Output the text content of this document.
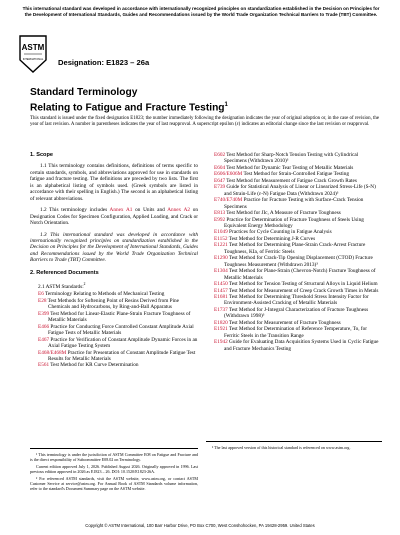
This international standard was developed in accordance with internationally recognized principles on standardization established in the Decision on Principles for the Development of International Standards, Guides and Recommendations issued by the World Trade Organization Technical Barriers to Trade (TBT) Committee.
ASTM
INTERNATIONAL Designation: E1823 – 26a
Standard Terminology
Relating to Fatigue and Fracture Testing$^1$
This standard is issued under the fixed designation E1823; the number immediately following the designation indicates the year of original adoption or, in the case of revision, the year of last revision. A number in parentheses indicates the year of last reapproval. A superscript epsilon (ε) indicates an editorial change since the last revision or reapproval.
1. Scope

1.1 This terminology contains definitions, definitions of terms specific to certain standards, symbols, and abbreviations approved for use in standards on fatigue and fracture testing. The definitions are preceded by two lists. The first is an alphabetical listing of symbols used. (Greek symbols are listed in accordance with their spelling in English.) The second is an alphabetical listing of relevant abbreviations.

1.2 This terminology includes Annex A1 on Units and Annex A2 on Designation Codes for Specimen Configuration, Applied Loading, and Crack or Notch Orientation.

1.3 This international standard was developed in accordance with internationally recognized principles on standardization established in the Decision on Principles for the Development of International Standards, Guides and Recommendations issued by the World Trade Organization Technical Barriers to Trade (TBT) Committee.

2. Referenced Documents
2.1 ASTM Standards:$^2$

E6 Terminology Relating to Methods of Mechanical Testing

E28 Test Methods for Softening Point of Resins Derived from Pine Chemicals and Hydrocarbons, by Ring-and-Ball Apparatus

E399 Test Method for Linear-Elastic Plane-Strain Fracture Toughness of Metallic Materials

E466 Practice for Conducting Force Controlled Constant Amplitude Axial Fatigue Tests of Metallic Materials

E467 Practice for Verification of Constant Amplitude Dynamic Forces in an Axial Fatigue Testing System

E468/E468M Practice for Presentation of Constant Amplitude Fatigue Test Results for Metallic Materials

E561 Test Method for KR Curve Determination

E602 Test Method for Sharp-Notch Tension Testing with Cylindrical Specimens (Withdrawn 2010)³

E604 Test Method for Dynamic Tear Testing of Metallic Materials

E606/E606M Test Method for Strain-Controlled Fatigue Testing

E647 Test Method for Measurement of Fatigue Crack Growth Rates

E739 Guide for Statistical Analysis of Linear or Linearized Stress-Life (S-N) and Strain-Life (ε-N) Fatigue Data (Withdrawn 2024)³

E740/E740M Practice for Fracture Testing with Surface-Crack Tension Specimens

E813 Test Method for JIc, A Measure of Fracture Toughness

E992 Practice for Determination of Fracture Toughness of Steels Using Equivalent Energy Methodology

E1049 Practices for Cycle Counting in Fatigue Analysis

E1152 Test Method for Determining J-R Curves

E1221 Test Method for Determining Plane-Strain Crack-Arrest Fracture Toughness, KIa, of Ferritic Steels

E1290 Test Method for Crack-Tip Opening Displacement (CTOD) Fracture Toughness Measurement (Withdrawn 2013)³

E1304 Test Method for Plane-Strain (Chevron-Notch) Fracture Toughness of Metallic Materials

E1450 Test Method for Tension Testing of Structural Alloys in Liquid Helium

E1457 Test Method for Measurement of Creep Crack Growth Times in Metals

E1681 Test Method for Determining Threshold Stress Intensity Factor for Environment-Assisted Cracking of Metallic Materials

E1737 Test Method for J-Integral Characterization of Fracture Toughness (Withdrawn 1998)³

E1820 Test Method for Measurement of Fracture Toughness

E1921 Test Method for Determination of Reference Temperature, To, for Ferritic Steels in the Transition Range

E1942 Guide for Evaluating Data Acquisition Systems Used in Cyclic Fatigue and Fracture Mechanics Testing

¹ This terminology is under the jurisdiction of ASTM Committee E08 on Fatigue and Fracture and is the direct responsibility of Subcommittee E08.02 on Terminology.

Current edition approved July 1, 2026. Published August 2026. Originally approved in 1996. Last previous edition approved in 2026 as E1823 – 26. DOI: 10.1520/E1823-26A.

² For referenced ASTM standards, visit the ASTM website, www.astm.org, or contact ASTM Customer Service at service@astm.org. For Annual Book of ASTM Standards volume information, refer to the standard's Document Summary page on the ASTM website.

³ The last approved version of this historical standard is referenced on www.astm.org.
Copyright © ASTM International, 100 Barr Harbor Drive, PO Box C700, West Conshohocken, PA 19428-2959. United States
